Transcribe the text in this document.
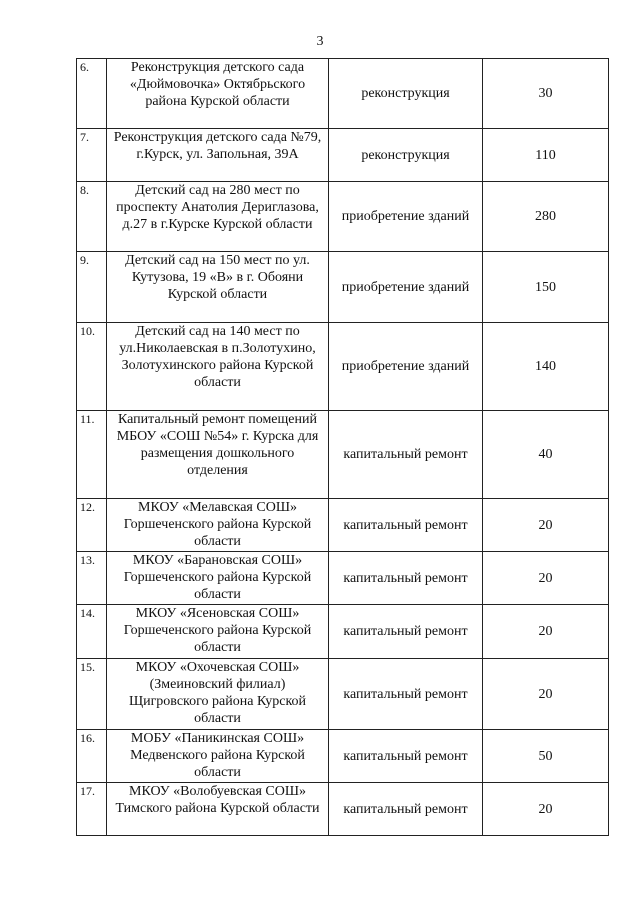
3
6.	Реконструкция детского сада «Дюймовочка» Октябрьского района Курской области	реконструкция	30
7.	Реконструкция детского сада №79, г.Курск, ул. Запольная, 39А	реконструкция	110
8.	Детский сад на 280 мест по проспекту Анатолия Дериглазова, д.27 в г.Курске Курской области	приобретение зданий	280
9.	Детский сад на 150 мест по ул. Кутузова, 19 «В» в г. Обояни Курской области	приобретение зданий	150
10.	Детский сад на 140 мест по ул.Николаевская в п.Золотухино, Золотухинского района Курской области	приобретение зданий	140
11.	Капитальный ремонт помещений МБОУ «СОШ №54» г. Курска для размещения дошкольного отделения	капитальный ремонт	40
12.	МКОУ «Мелавская СОШ» Горшеченского района Курской области	капитальный ремонт	20
13.	МКОУ «Барановская СОШ» Горшеченского района Курской области	капитальный ремонт	20
14.	МКОУ «Ясеновская СОШ» Горшеченского района Курской области	капитальный ремонт	20
15.	МКОУ «Охочевская СОШ» (Змеиновский филиал) Щигровского района Курской области	капитальный ремонт	20
16.	МОБУ «Паникинская СОШ» Медвенского района Курской области	капитальный ремонт	50
17.	МКОУ «Волобуевская СОШ» Тимского района Курской области	капитальный ремонт	20
